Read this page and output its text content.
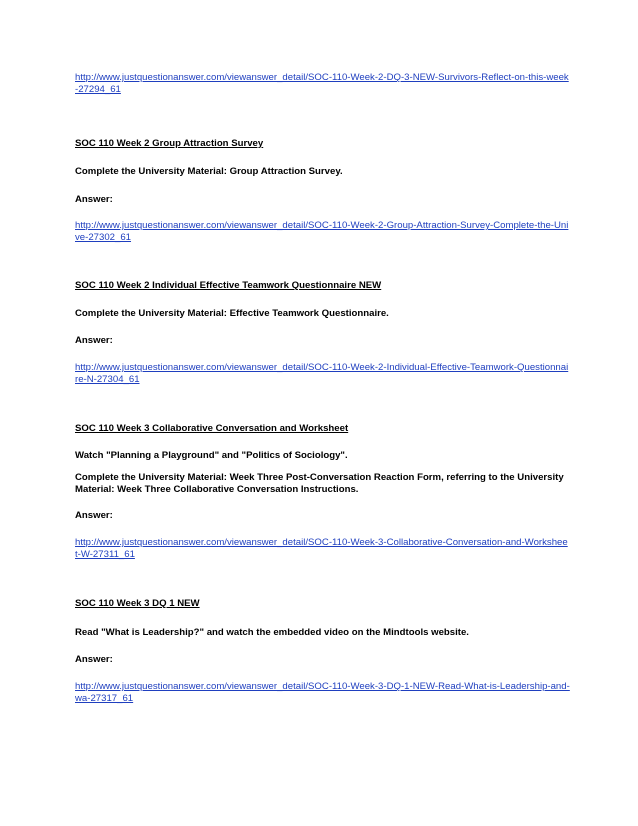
http://www.justquestionanswer.com/viewanswer_detail/SOC-110-Week-2-DQ-3-NEW-Survivors-Reflect-on-this-week-27294_61

SOC 110 Week 2 Group Attraction Survey

Complete the University Material: Group Attraction Survey.

Answer:

http://www.justquestionanswer.com/viewanswer_detail/SOC-110-Week-2-Group-Attraction-Survey-Complete-the-Unive-27302_61

SOC 110 Week 2 Individual Effective Teamwork Questionnaire NEW

Complete the University Material: Effective Teamwork Questionnaire.

Answer:

http://www.justquestionanswer.com/viewanswer_detail/SOC-110-Week-2-Individual-Effective-Teamwork-Questionnaire-N-27304_61

SOC 110 Week 3 Collaborative Conversation and Worksheet

Watch "Planning a Playground" and "Politics of Sociology".

Complete the University Material: Week Three Post-Conversation Reaction Form, referring to the University Material: Week Three Collaborative Conversation Instructions.

Answer:

http://www.justquestionanswer.com/viewanswer_detail/SOC-110-Week-3-Collaborative-Conversation-and-Worksheet-W-27311_61

SOC 110 Week 3 DQ 1 NEW

Read "What is Leadership?" and watch the embedded video on the Mindtools website.

Answer:

http://www.justquestionanswer.com/viewanswer_detail/SOC-110-Week-3-DQ-1-NEW-Read-What-is-Leadership-and-wa-27317_61
